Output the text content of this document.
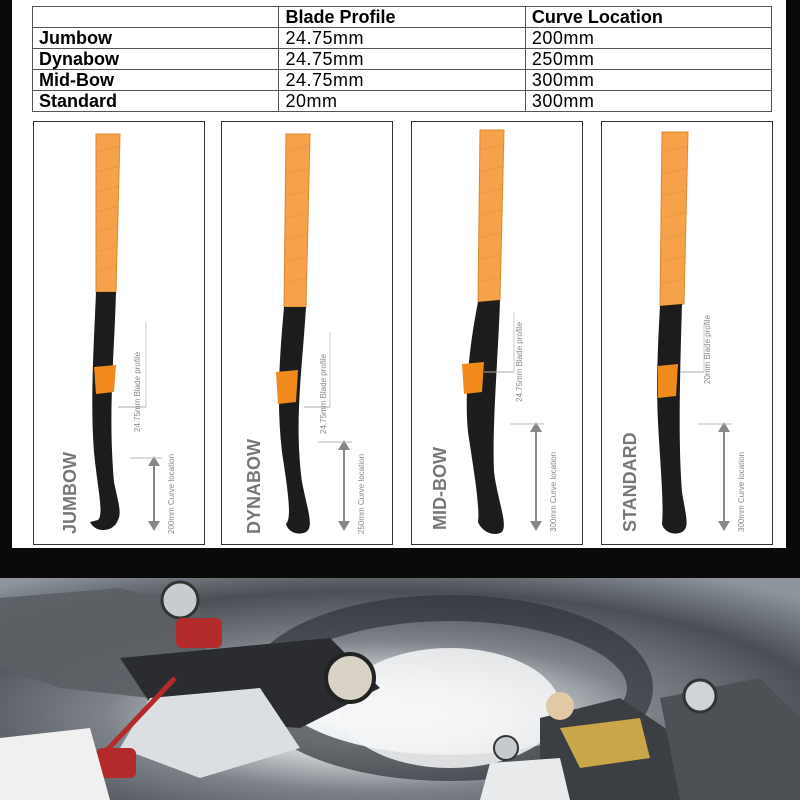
	Blade Profile	Curve Location
Jumbow	24.75mm	200mm
Dynabow	24.75mm	250mm
Mid-Bow	24.75mm	300mm
Standard	20mm	300mm
24.75mm Blade profile
200mm Curve location
JUMBOW
24.75mm Blade profile
250mm Curve location
DYNABOW
24.75mm Blade profile
300mm Curve location
MID-BOW
20mm Blade profile
300mm Curve location
STANDARD
